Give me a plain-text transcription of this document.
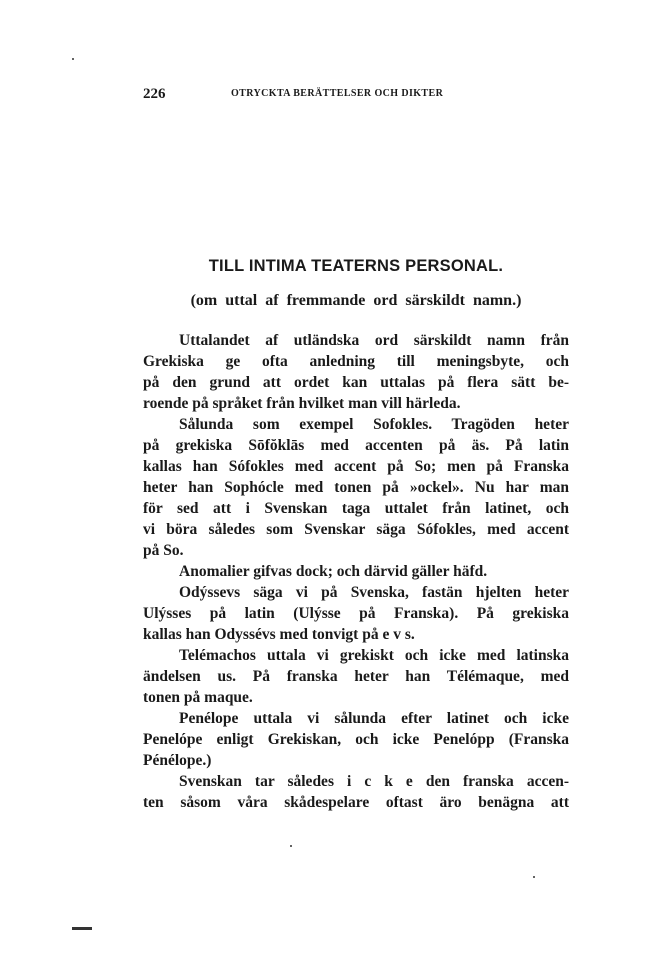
226	OTRYCKTA BERÄTTELSER OCH DIKTER
TILL INTIMA TEATERNS PERSONAL.
(om uttal af fremmande ord särskildt namn.)
Uttalandet af utländska ord särskildt namn från
Grekiska ge ofta anledning till meningsbyte, och
på den grund att ordet kan uttalas på flera sätt be-
roende på språket från hvilket man vill härleda.
Sålunda som exempel Sofokles. Tragöden heter
på grekiska Sōfŏklās med accenten på äs. På latin
kallas han Sófokles med accent på So; men på Franska
heter han Sophócle med tonen på »ockel». Nu har man
för sed att i Svenskan taga uttalet från latinet, och
vi böra således som Svenskar säga Sófokles, med accent
på So.
Anomalier gifvas dock; och därvid gäller häfd.
Odýssevs säga vi på Svenska, fastän hjelten heter
Ulýsses på latin (Ulýsse på Franska). På grekiska
kallas han Odyssévs med tonvigt på e v s.
Telémachos uttala vi grekiskt och icke med latinska
ändelsen us. På franska heter han Télémaque, med
tonen på maque.
Penélope uttala vi sålunda efter latinet och icke
Penelópe enligt Grekiskan, och icke Penelópp (Franska
Pénélope.)
Svenskan tar således i c k e den franska accen-
ten såsom våra skådespelare oftast äro benägna att
